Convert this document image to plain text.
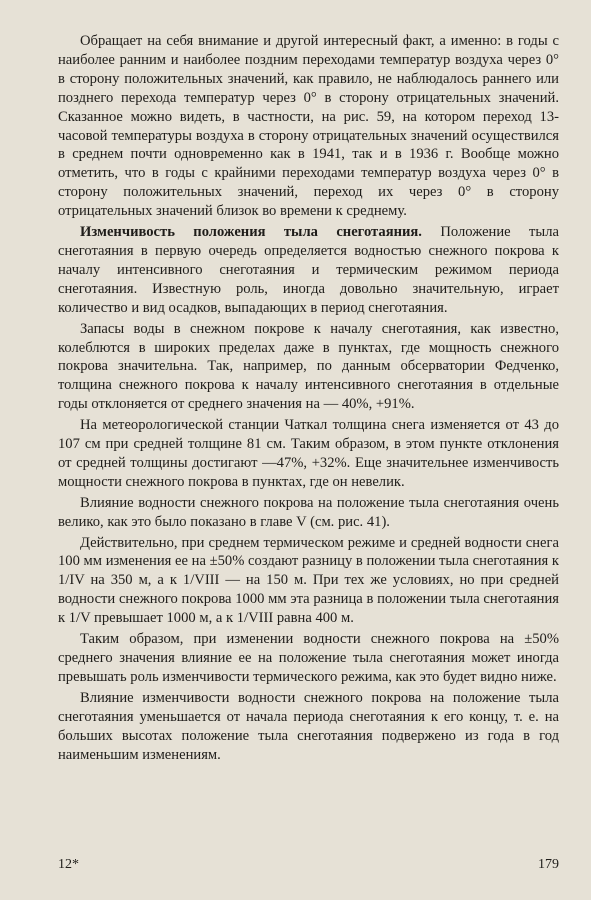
Обращает на себя внимание и другой интересный факт, а именно: в годы с наиболее ранним и наиболее поздним переходами температур воздуха через 0° в сторону положительных значений, как правило, не наблюдалось раннего или позднего перехода температур через 0° в сторону отрицательных значений. Сказанное можно видеть, в частности, на рис. 59, на котором переход 13-часовой температуры воздуха в сторону отрицательных значений осуществился в среднем почти одновременно как в 1941, так и в 1936 г. Вообще можно отметить, что в годы с крайними переходами температур воздуха через 0° в сторону положительных значений, переход их через 0° в сторону отрицательных значений близок во времени к среднему.

Изменчивость положения тыла снеготаяния. Положение тыла снеготаяния в первую очередь определяется водностью снежного покрова к началу интенсивного снеготаяния и термическим режимом периода снеготаяния. Известную роль, иногда довольно значительную, играет количество и вид осадков, выпадающих в период снеготаяния.

Запасы воды в снежном покрове к началу снеготаяния, как известно, колеблются в широких пределах даже в пунктах, где мощность снежного покрова значительна. Так, например, по данным обсерватории Федченко, толщина снежного покрова к началу интенсивного снеготаяния в отдельные годы отклоняется от среднего значения на — 40%, +91%.

На метеорологической станции Чаткал толщина снега изменяется от 43 до 107 см при средней толщине 81 см. Таким образом, в этом пункте отклонения от средней толщины достигают —47%, +32%. Еще значительнее изменчивость мощности снежного покрова в пунктах, где он невелик.

Влияние водности снежного покрова на положение тыла снеготаяния очень велико, как это было показано в главе V (см. рис. 41).

Действительно, при среднем термическом режиме и средней водности снега 100 мм изменения ее на ±50% создают разницу в положении тыла снеготаяния к 1/IV на 350 м, а к 1/VIII — на 150 м. При тех же условиях, но при средней водности снежного покрова 1000 мм эта разница в положении тыла снеготаяния к 1/V превышает 1000 м, а к 1/VIII равна 400 м.

Таким образом, при изменении водности снежного покрова на ±50% среднего значения влияние ее на положение тыла снеготаяния может иногда превышать роль изменчивости термического режима, как это будет видно ниже.

Влияние изменчивости водности снежного покрова на положение тыла снеготаяния уменьшается от начала периода снеготаяния к его концу, т. е. на больших высотах положение тыла снеготаяния подвержено из года в год наименьшим изменениям.

12*	179
